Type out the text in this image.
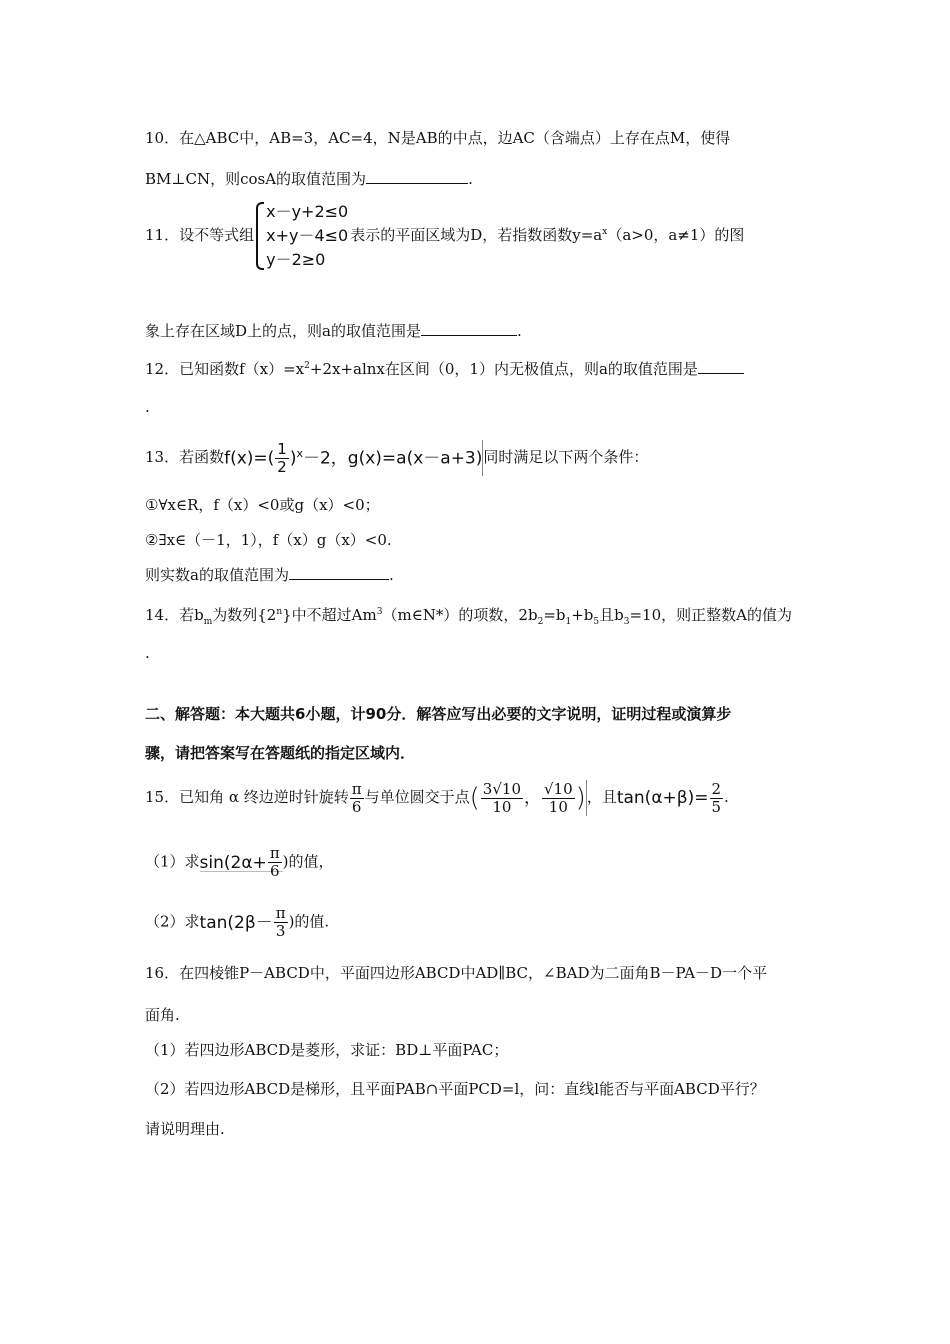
10．在△ABC中，AB=3，AC=4，N是AB的中点，边AC（含端点）上存在点M，使得
BM⊥CN，则cosA的取值范围为	.
11．设不等式组
x－y+2≤0
x+y－4≤0
y－2≥0
表示的平面区域为D，若指数函数$y=a^x(a>0$，a≠1）的图
象上存在区域D上的点，则a的取值范围是	.
12．已知函数$f(x)=x^2+2x+alnx$在区间（0，1）内无极值点，则a的取值范围是
.
13．若函数$f(x)=( \frac{1}{2} )^x-2$，g(x)=a(x－a+3)同时满足以下两个条件：
①∀x∈R，f（x）<0或g（x）<0；
②∃x∈（－1，1），f（x）g（x）<0.
则实数a的取值范围为	.
14．若$b_m$为数列{2$^n$}中不超过Am$^3$（m∈N*）的项数，$2b_2=b_1+b_5$且$b_3=10$，则正整数A的值为
.
二、解答题：本大题共6小题，计90分．解答应写出必要的文字说明，证明过程或演算步
骤，请把答案写在答题纸的指定区域内．
15．已知角 α 终边逆时针旋转 $\frac{\pi}{6}$ 与单位圆交于点( $\frac{3√10}{10}$ ， $\frac{√10}{10}$ )，且$\tan(\alpha+\beta)= \frac{2}{5}$ .
（1）求$\sin(2\alpha+ \frac{\pi}{6}$ )的值，
（2）求$\tan(2\beta- \frac{\pi}{3}$ )的值.
16．在四棱锥P－ABCD中，平面四边形ABCD中AD∥BC，∠BAD为二面角B－PA－D一个平
面角.
（1）若四边形ABCD是菱形，求证：BD⊥平面PAC；
（2）若四边形ABCD是梯形，且平面PAB∩平面PCD=l，问：直线l能否与平面ABCD平行？
请说明理由.
